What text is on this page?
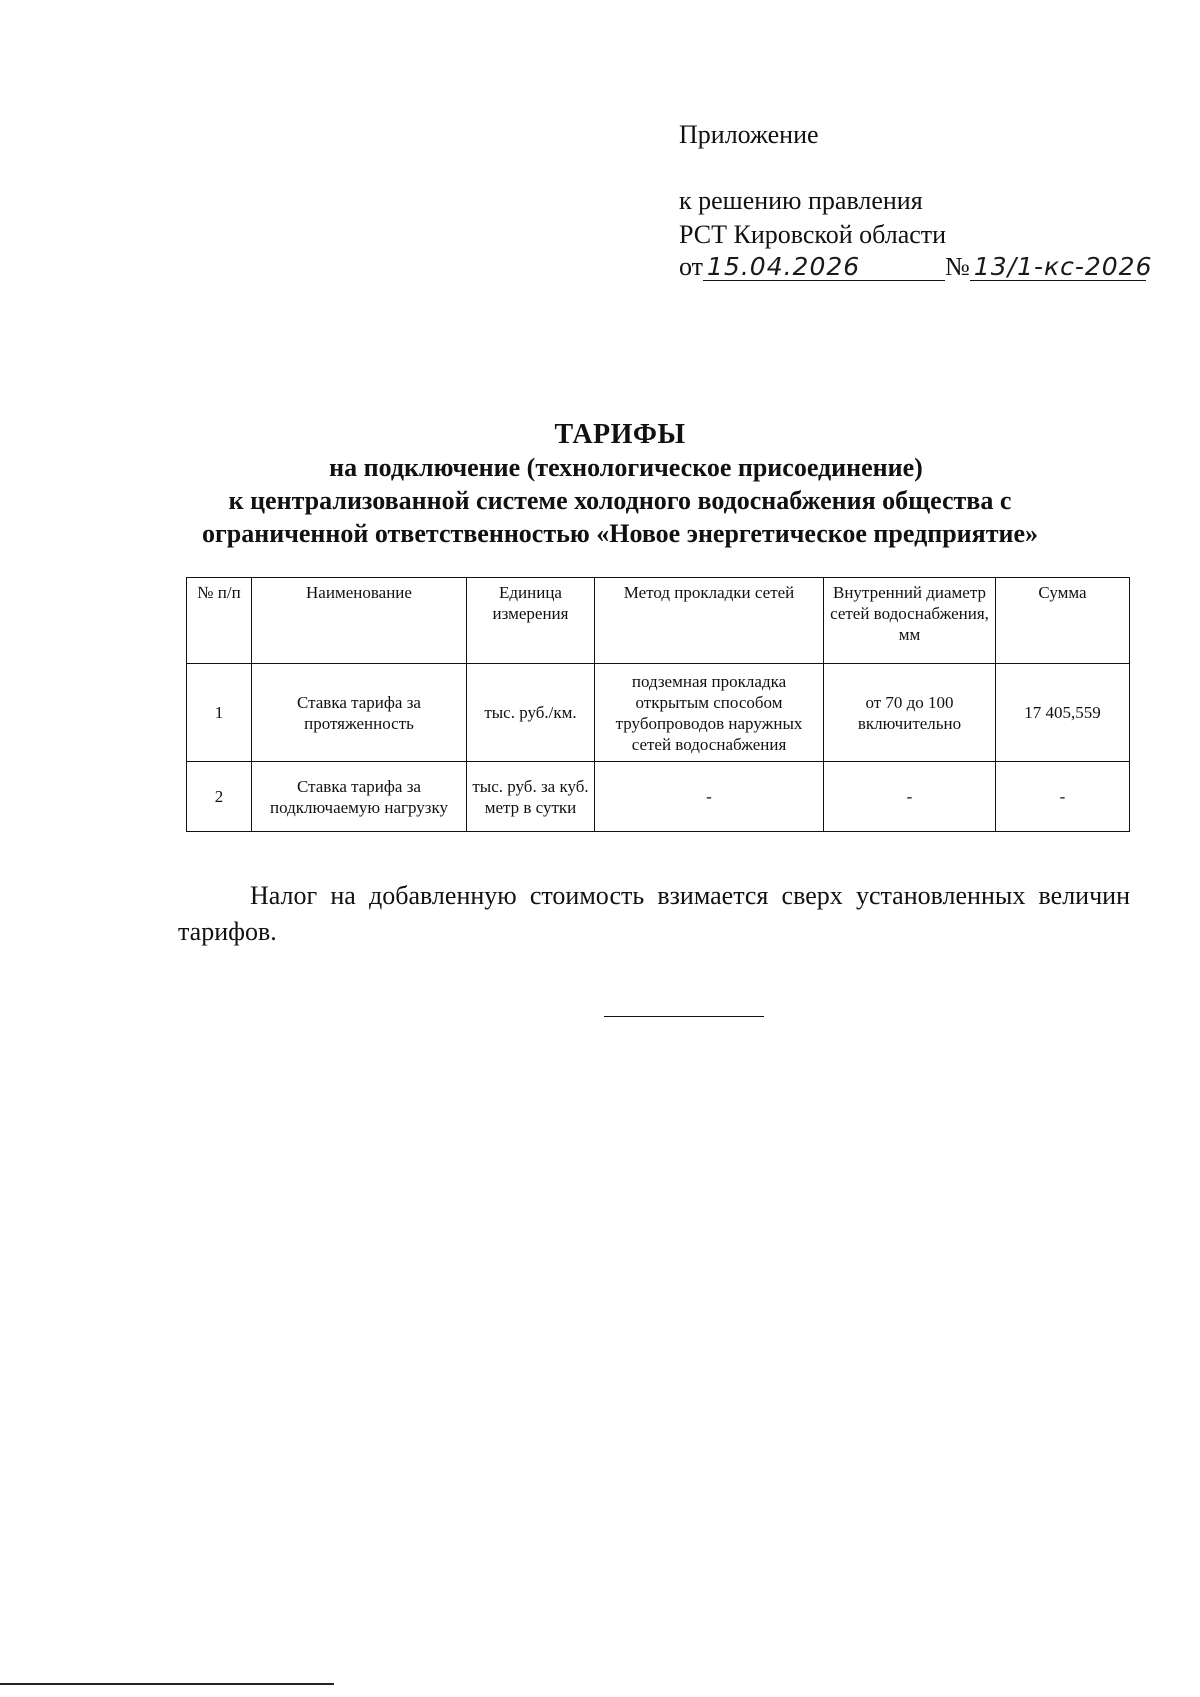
Приложение
к решению правления
РСТ Кировской области
от 15.04.2026	№ 13/1-кс-2026
ТАРИФЫ
на подключение (технологическое присоединение)
к централизованной системе холодного водоснабжения общества с
ограниченной ответственностью «Новое энергетическое предприятие»
№ п/п	Наименование	Единица измерения	Метод прокладки сетей	Внутренний диаметр сетей водоснабжения, мм	Сумма
1	Ставка тарифа за протяженность	тыс. руб./км.	подземная прокладка открытым способом трубопроводов наружных сетей водоснабжения	от 70 до 100 включительно	17 405,559
2	Ставка тарифа за подключаемую нагрузку	тыс. руб. за куб. метр в сутки	-	-	-

Налог на добавленную стоимость взимается сверх установленных величин тарифов.
